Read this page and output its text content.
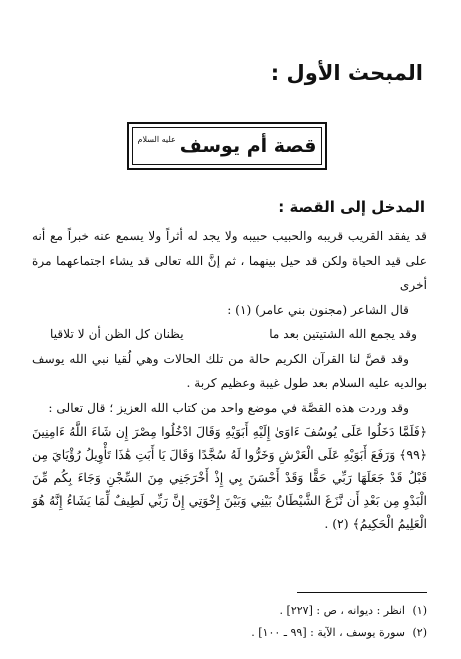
المبحث الأول :
قصة أم يوسف
عليه السلام
المدخل إلى القصة :

قد يفقد القريب قريبه والحبيب حبيبه ولا يجد له أثراً ولا يسمع عنه خبراً مع أنه على قيد الحياة ولكن قد حيل بينهما ، ثم إنَّ الله تعالى قد يشاء اجتماعهما مرة أخرى

قال الشاعر (مجنون بني عامر) (١) :

وقد يجمع الله الشتيتين بعد ما
يظنان كل الظن أن لا تلاقيا

وقد قصَّ لنا القرآن الكريم حالة من تلك الحالات وهي لُقيا نبي الله يوسف بوالديه عليه السلام بعد طول غيبة وعظيم كربة .

وقد وردت هذه القصَّة في موضع واحد من كتاب الله العزيز ؛ قال تعالى :

﴿فَلَمَّا دَخَلُوا عَلَى يُوسُفَ ءَاوَىٰ إِلَيْهِ أَبَوَيْهِ وَقَالَ ادْخُلُوا مِصْرَ إِن شَاءَ اللَّهُ ءَامِنِينَ ﴿٩٩﴾ وَرَفَعَ أَبَوَيْهِ عَلَى الْعَرْشِ وَخَرُّوا لَهُ سُجَّدًا وَقَالَ يَا أَبَتِ هَٰذَا تَأْوِيلُ رُؤْيَايَ مِن قَبْلُ قَدْ جَعَلَهَا رَبِّي حَقًّا وَقَدْ أَحْسَنَ بِي إِذْ أَخْرَجَنِي مِنَ السِّجْنِ وَجَاءَ بِكُم مِّنَ الْبَدْوِ مِن بَعْدِ أَن نَّزَغَ الشَّيْطَانُ بَيْنِي وَبَيْنَ إِخْوَتِي إِنَّ رَبِّي لَطِيفٌ لِّمَا يَشَاءُ إِنَّهُ هُوَ الْعَلِيمُ الْحَكِيمُ﴾ (٢) .

(١) انظر : ديوانه ، ص : [٢٢٧] .
(٢) سورة يوسف ، الآية : [٩٩ ـ ١٠٠] .
